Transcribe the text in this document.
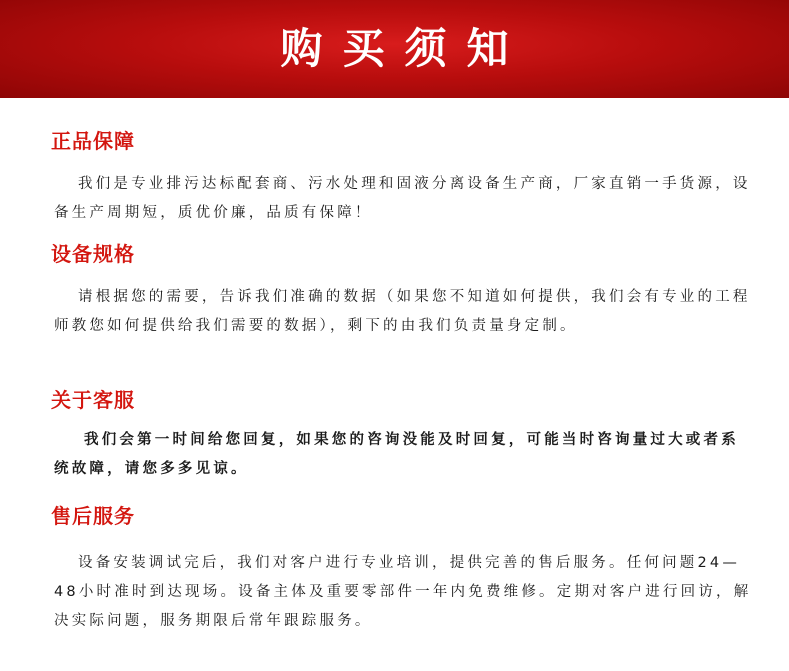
购买须知
正品保障

我们是专业排污达标配套商、污水处理和固液分离设备生产商，厂家直销一手货源，设备生产周期短，质优价廉，品质有保障！

设备规格

请根据您的需要，告诉我们准确的数据（如果您不知道如何提供，我们会有专业的工程师教您如何提供给我们需要的数据），剩下的由我们负责量身定制。

关于客服

我们会第一时间给您回复，如果您的咨询没能及时回复，可能当时咨询量过大或者系统故障，请您多多见谅。

售后服务

设备安装调试完后，我们对客户进行专业培训，提供完善的售后服务。任何问题24—48小时准时到达现场。设备主体及重要零部件一年内免费维修。定期对客户进行回访，解决实际问题，服务期限后常年跟踪服务。
